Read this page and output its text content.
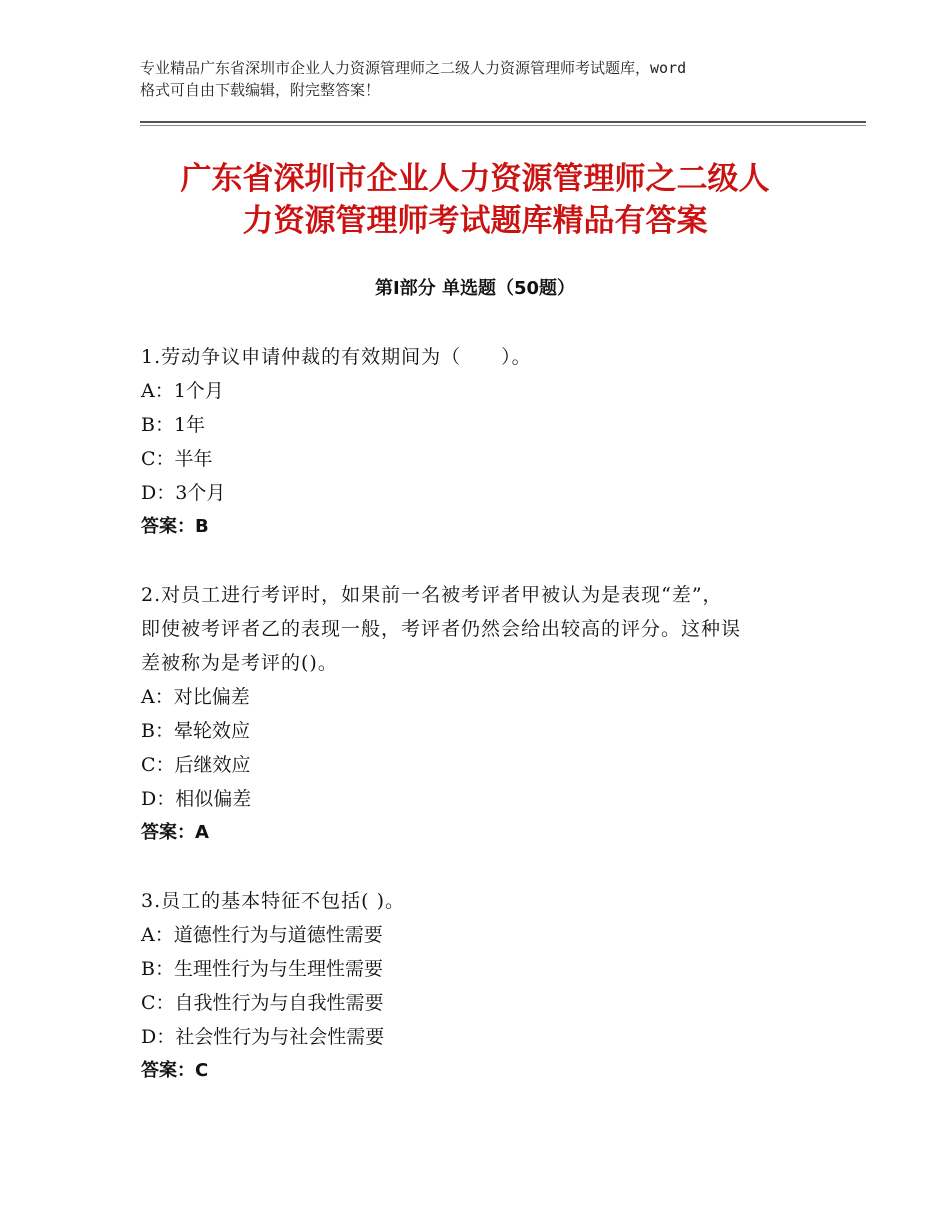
专业精品广东省深圳市企业人力资源管理师之二级人力资源管理师考试题库，word
格式可自由下载编辑，附完整答案！
广东省深圳市企业人力资源管理师之二级人
力资源管理师考试题库精品有答案
第Ⅰ部分 单选题（50题）
1.劳动争议申请仲裁的有效期间为（　　）。
A：1个月
B：1年
C：半年
D：3个月
答案：B
2.对员工进行考评时，如果前一名被考评者甲被认为是表现“差”，
即使被考评者乙的表现一般，考评者仍然会给出较高的评分。这种误
差被称为是考评的()。
A：对比偏差
B：晕轮效应
C：后继效应
D：相似偏差
答案：A
3.员工的基本特征不包括( )。
A：道德性行为与道德性需要
B：生理性行为与生理性需要
C：自我性行为与自我性需要
D：社会性行为与社会性需要
答案：C
